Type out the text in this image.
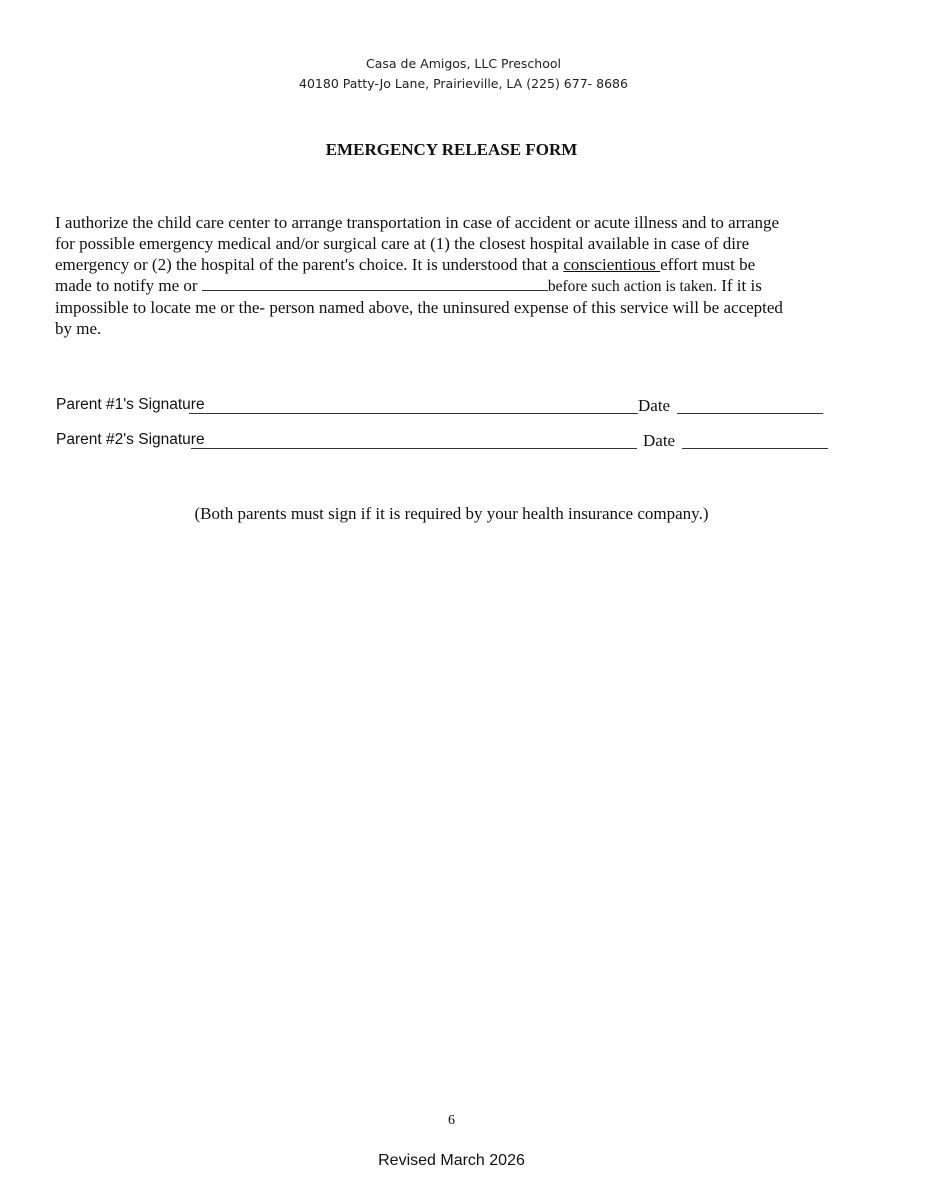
Casa de Amigos, LLC Preschool
40180 Patty-Jo Lane, Prairieville, LA (225) 677- 8686
EMERGENCY RELEASE FORM
I authorize the child care center to arrange transportation in case of accident or acute illness and to arrange
for possible emergency medical and/or surgical care at (1) the closest hospital available in case of dire
emergency or (2) the hospital of the parent's choice. It is understood that a conscientious effort must be
made to notify me or	before such action is taken. If it is
impossible to locate me or the- person named above, the uninsured expense of this service will be accepted
by me.
Parent #1's Signature	Date
Parent #2's Signature	Date
(Both parents must sign if it is required by your health insurance company.)
6
Revised March 2026
